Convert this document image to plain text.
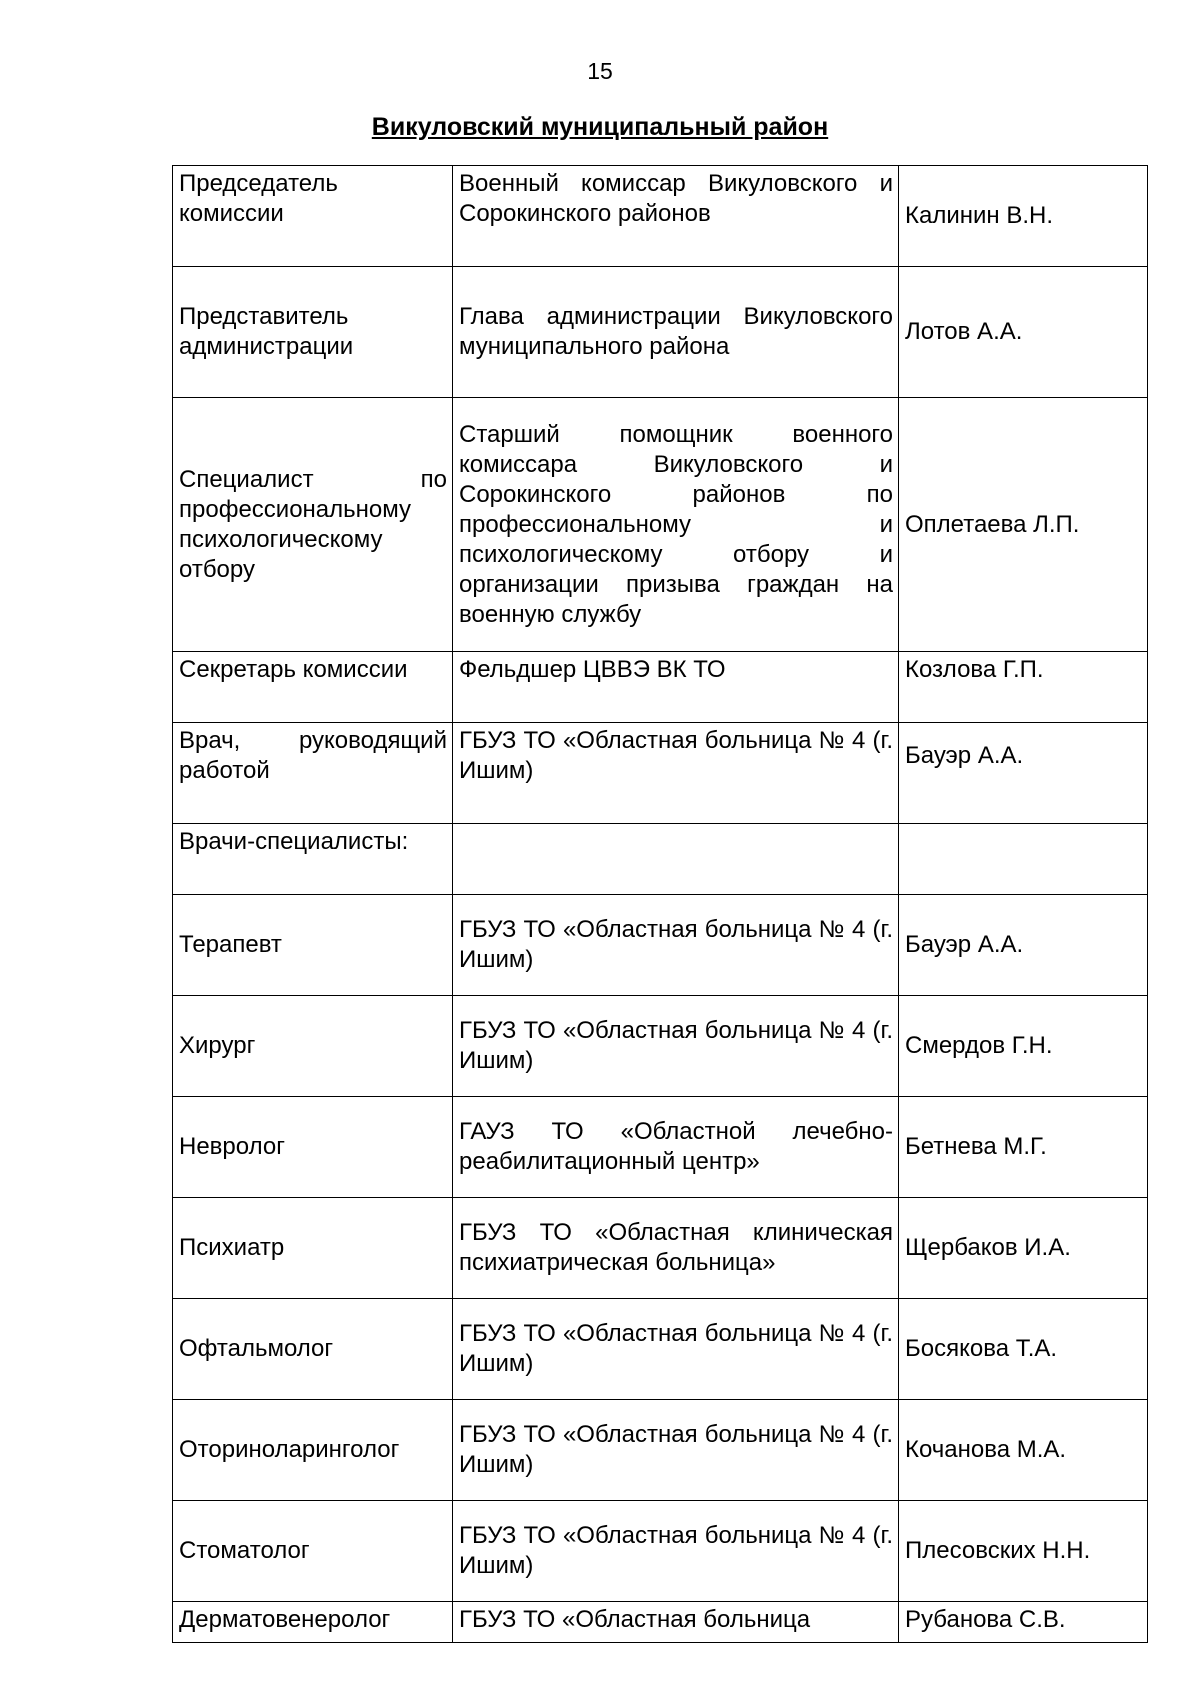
15
Викуловский муниципальный район
Председатель комиссии	Военный комиссар Викуловского и Сорокинского районов	Калинин В.Н.
Представитель администрации	Глава администрации Викуловского муниципального района	Лотов А.А.
Специалист по профессиональному психологическому отбору	Старший помощник военного комиссара Викуловского и Сорокинского районов по профессиональному и психологическому отбору и организации призыва граждан на военную службу	Оплетаева Л.П.
Секретарь комиссии	Фельдшер ЦВВЭ ВК ТО	Козлова Г.П.
Врач, руководящий работой	ГБУЗ ТО «Областная больница № 4 (г. Ишим)	Бауэр А.А.
Врачи-специалисты:		
Терапевт	ГБУЗ ТО «Областная больница № 4 (г. Ишим)	Бауэр А.А.
Хирург	ГБУЗ ТО «Областная больница № 4 (г. Ишим)	Смердов Г.Н.
Невролог	ГАУЗ ТО «Областной лечебно-реабилитационный центр»	Бетнева М.Г.
Психиатр	ГБУЗ ТО «Областная клиническая психиатрическая больница»	Щербаков И.А.
Офтальмолог	ГБУЗ ТО «Областная больница № 4 (г. Ишим)	Босякова Т.А.
Оториноларинголог	ГБУЗ ТО «Областная больница № 4 (г. Ишим)	Кочанова М.А.
Стоматолог	ГБУЗ ТО «Областная больница № 4 (г. Ишим)	Плесовских Н.Н.
Дерматовенеролог	ГБУЗ ТО «Областная больница	Рубанова С.В.
